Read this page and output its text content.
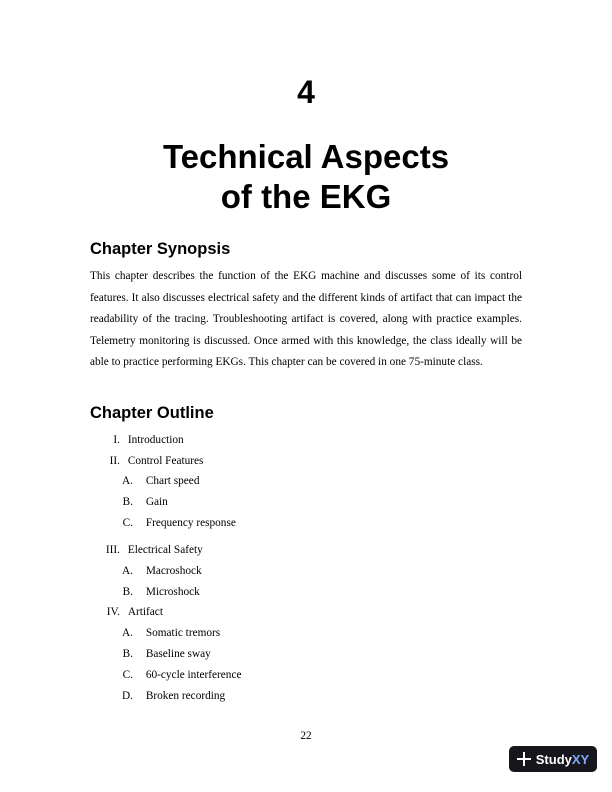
4
Technical Aspects
of the EKG
Chapter Synopsis
This chapter describes the function of the EKG machine and discusses some of its control features. It also discusses electrical safety and the different kinds of artifact that can impact the readability of the tracing. Troubleshooting artifact is covered, along with practice examples. Telemetry monitoring is discussed. Once armed with this knowledge, the class ideally will be able to practice performing EKGs. This chapter can be covered in one 75-minute class.
Chapter Outline
I. Introduction
II. Control Features
A. Chart speed
B. Gain
C. Frequency response
III. Electrical Safety
A. Macroshock
B. Microshock
IV. Artifact
A. Somatic tremors
B. Baseline sway
C. 60-cycle interference
D. Broken recording
22
StudyXY
